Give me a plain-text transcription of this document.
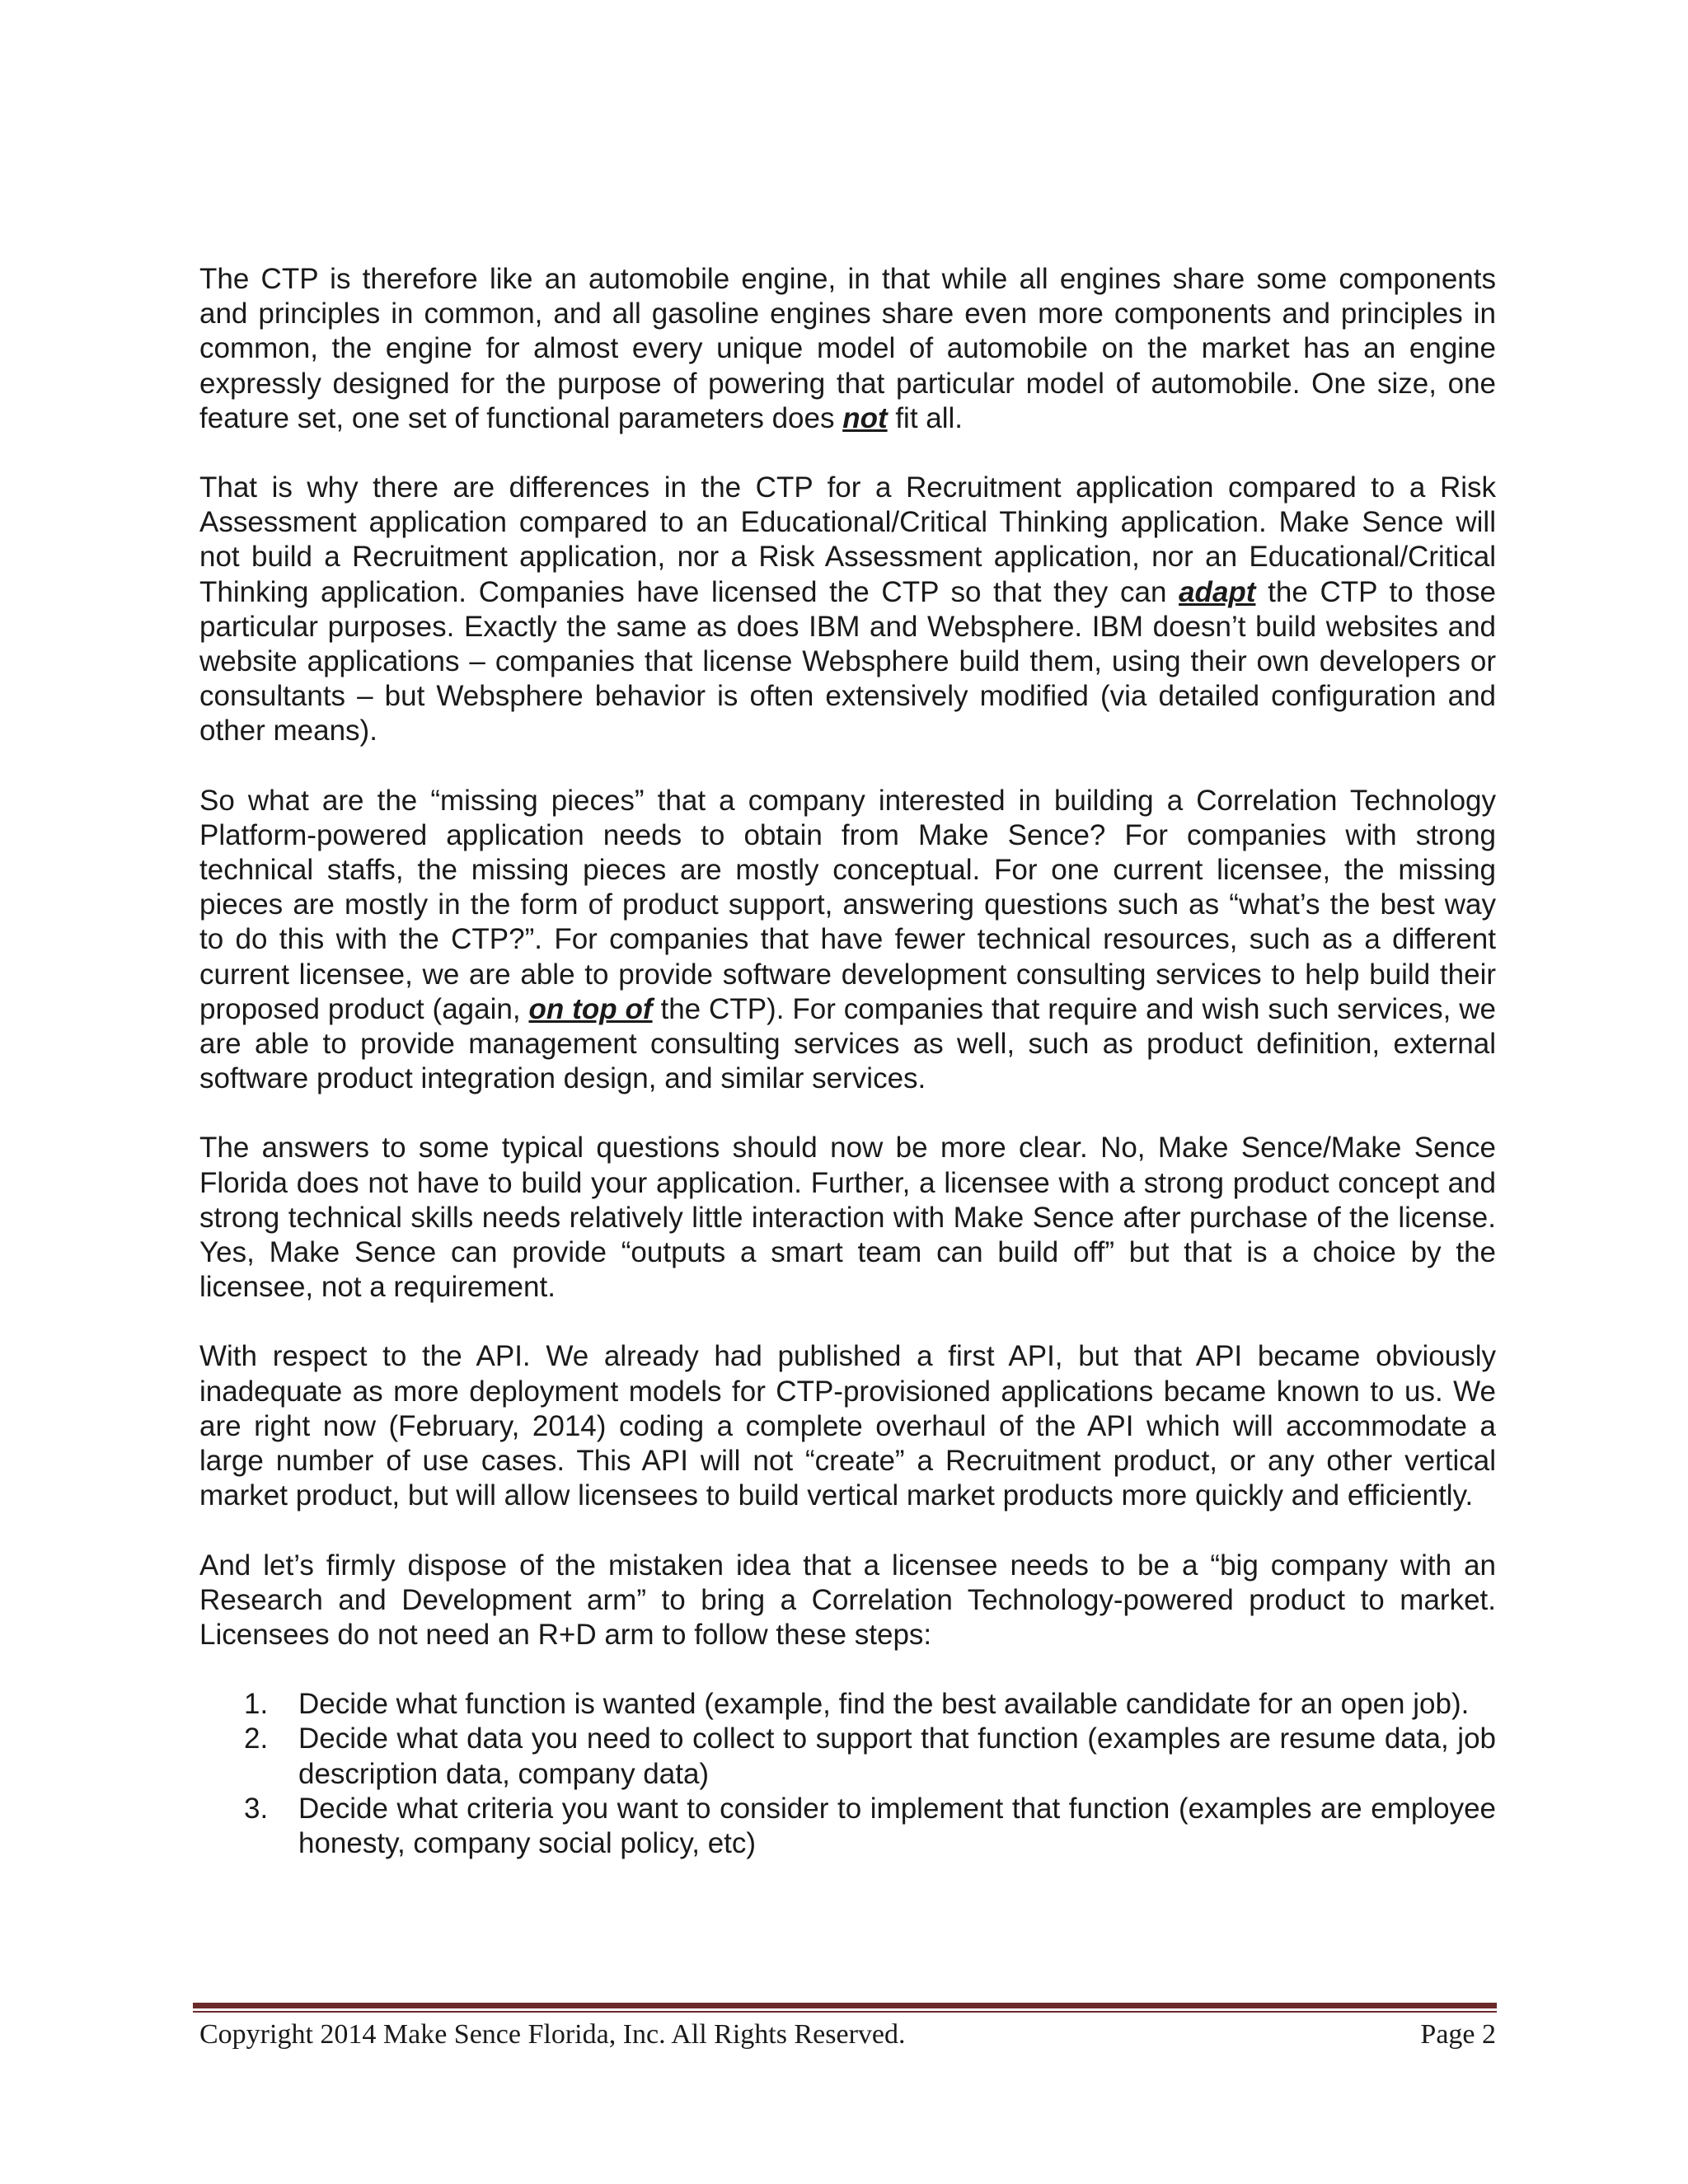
The CTP is therefore like an automobile engine, in that while all engines share some components and principles in common, and all gasoline engines share even more components and principles in common, the engine for almost every unique model of automobile on the market has an engine expressly designed for the purpose of powering that particular model of automobile. One size, one feature set, one set of functional parameters does not fit all.

That is why there are differences in the CTP for a Recruitment application compared to a Risk Assessment application compared to an Educational/Critical Thinking application. Make Sence will not build a Recruitment application, nor a Risk Assessment application, nor an Educational/Critical Thinking application. Companies have licensed the CTP so that they can adapt the CTP to those particular purposes. Exactly the same as does IBM and Websphere. IBM doesn’t build websites and website applications – companies that license Websphere build them, using their own developers or consultants – but Websphere behavior is often extensively modified (via detailed configuration and other means).

So what are the “missing pieces” that a company interested in building a Correlation Technology Platform-powered application needs to obtain from Make Sence? For companies with strong technical staffs, the missing pieces are mostly conceptual. For one current licensee, the missing pieces are mostly in the form of product support, answering questions such as “what’s the best way to do this with the CTP?”. For companies that have fewer technical resources, such as a different current licensee, we are able to provide software development consulting services to help build their proposed product (again, on top of the CTP). For companies that require and wish such services, we are able to provide management consulting services as well, such as product definition, external software product integration design, and similar services.

The answers to some typical questions should now be more clear. No, Make Sence/Make Sence Florida does not have to build your application. Further, a licensee with a strong product concept and strong technical skills needs relatively little interaction with Make Sence after purchase of the license. Yes, Make Sence can provide “outputs a smart team can build off” but that is a choice by the licensee, not a requirement.

With respect to the API. We already had published a first API, but that API became obviously inadequate as more deployment models for CTP-provisioned applications became known to us. We are right now (February, 2014) coding a complete overhaul of the API which will accommodate a large number of use cases. This API will not “create” a Recruitment product, or any other vertical market product, but will allow licensees to build vertical market products more quickly and efficiently.

And let’s firmly dispose of the mistaken idea that a licensee needs to be a “big company with an Research and Development arm” to bring a Correlation Technology-powered product to market. Licensees do not need an R+D arm to follow these steps:

1. Decide what function is wanted (example, find the best available candidate for an open job).
2. Decide what data you need to collect to support that function (examples are resume data, job description data, company data)
3. Decide what criteria you want to consider to implement that function (examples are employee honesty, company social policy, etc)
Copyright 2014 Make Sence Florida, Inc. All Rights Reserved.	Page 2
